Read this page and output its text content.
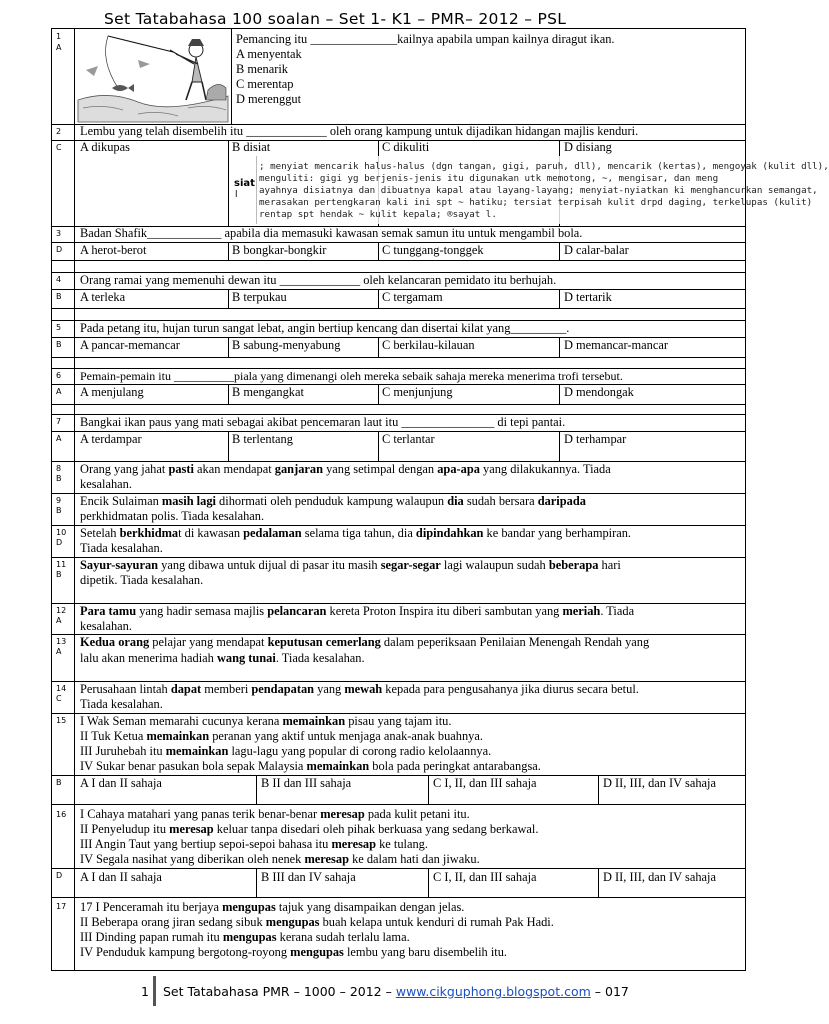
Set Tatabahasa 100 soalan – Set 1- K1 – PMR– 2012 – PSL
1
A
Pemancing itu ______________kailnya apabila umpan kailnya diragut ikan.
A menyentak
B menarik
C merentap
D merenggut
2 Lembu yang telah disembelih itu _____________ oleh orang kampung untuk dijadikan hidangan majlis kenduri.
C A dikupas	B disiat	C dikuliti	D disiang
siat
l
; menyiat mencarik halus-halus (dgn tangan, gigi, paruh, dll), mencarik (kertas), mengoyak (kulit dll),
menguliti: gigi yg berjenis-jenis itu digunakan utk memotong, ~, mengisar, dan meng
ayahnya disiatnya dan dibuatnya kapal atau layang-layang; menyiat-nyiatkan ki menghancurkan semangat,
merasakan pertengkaran kali ini spt ~ hatiku; tersiat terpisah kulit drpd daging, terkelupas (kulit)
rentap spt hendak ~ kulit kepala; ®sayat l.
3 Badan Shafik____________ apabila dia memasuki kawasan semak samun itu untuk mengambil bola.
D A herot-berot	B bongkar-bongkir	C tunggang-tonggek	D calar-balar
4 Orang ramai yang memenuhi dewan itu _____________ oleh kelancaran pemidato itu berhujah.
B A terleka	B terpukau	C tergamam	D tertarik
5 Pada petang itu, hujan turun sangat lebat, angin bertiup kencang dan disertai kilat yang_________.
B A pancar-memancar	B sabung-menyabung	C berkilau-kilauan	D memancar-mancar
6 Pemain-pemain itu __________piala yang dimenangi oleh mereka sebaik sahaja mereka menerima trofi tersebut.
A A menjulang	B mengangkat	C menjunjung	D mendongak
7 Bangkai ikan paus yang mati sebagai akibat pencemaran laut itu _______________ di tepi pantai.
A A terdampar	B terlentang	C terlantar	D terhampar
8
B
Orang yang jahat pasti akan mendapat ganjaran yang setimpal dengan apa-apa yang dilakukannya. Tiada
kesalahan.
9
B
Encik Sulaiman masih lagi dihormati oleh penduduk kampung walaupun dia sudah bersara daripada
perkhidmatan polis. Tiada kesalahan.
10
D
Setelah berkhidmat di kawasan pedalaman selama tiga tahun, dia dipindahkan ke bandar yang berhampiran.
Tiada kesalahan.
11
B
Sayur-sayuran yang dibawa untuk dijual di pasar itu masih segar-segar lagi walaupun sudah beberapa hari
dipetik. Tiada kesalahan.
12
A
Para tamu yang hadir semasa majlis pelancaran kereta Proton Inspira itu diberi sambutan yang meriah. Tiada
kesalahan.
13
A
Kedua orang pelajar yang mendapat keputusan cemerlang dalam peperiksaan Penilaian Menengah Rendah yang
lalu akan menerima hadiah wang tunai. Tiada kesalahan.
14
C
Perusahaan lintah dapat memberi pendapatan yang mewah kepada para pengusahanya jika diurus secara betul.
Tiada kesalahan.
15 I Wak Seman memarahi cucunya kerana memainkan pisau yang tajam itu.
II Tuk Ketua memainkan peranan yang aktif untuk menjaga anak-anak buahnya.
III Juruhebah itu memainkan lagu-lagu yang popular di corong radio kelolaannya.
IV Sukar benar pasukan bola sepak Malaysia memainkan bola pada peringkat antarabangsa.
B A I dan II sahaja	B II dan III sahaja	C I, II, dan III sahaja	D II, III, dan IV sahaja
16 I Cahaya matahari yang panas terik benar-benar meresap pada kulit petani itu.
II Penyeludup itu meresap keluar tanpa disedari oleh pihak berkuasa yang sedang berkawal.
III Angin Taut yang bertiup sepoi-sepoi bahasa itu meresap ke tulang.
IV Segala nasihat yang diberikan oleh nenek meresap ke dalam hati dan jiwaku.
D A I dan II sahaja	B III dan IV sahaja	C I, II, dan III sahaja	D II, III, dan IV sahaja
17 17 I Penceramah itu berjaya mengupas tajuk yang disampaikan dengan jelas.
II Beberapa orang jiran sedang sibuk mengupas buah kelapa untuk kenduri di rumah Pak Hadi.
III Dinding papan rumah itu mengupas kerana sudah terlalu lama.
IV Penduduk kampung bergotong-royong mengupas lembu yang baru disembelih itu.
1 Set Tatabahasa PMR – 1000 – 2012 – www.cikguphong.blogspot.com – 017
